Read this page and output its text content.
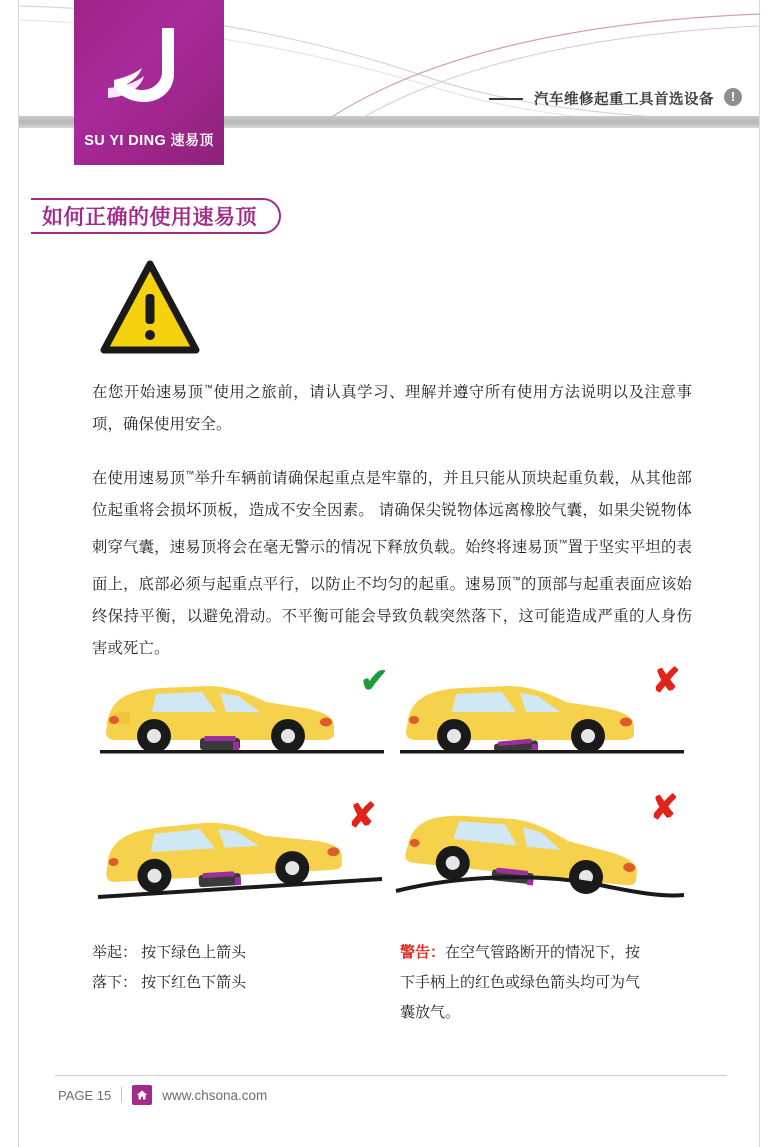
SU YI DING 速易顶
汽车维修起重工具首选设备	!
如何正确的使用速易顶
在您开始速易顶™使用之旅前，请认真学习、理解并遵守所有使用方法说明以及注意事项，确保使用安全。
在使用速易顶™举升车辆前请确保起重点是牢靠的，并且只能从顶块起重负载，从其他部位起重将会损坏顶板，造成不安全因素。 请确保尖锐物体远离橡胶气囊，如果尖锐物体刺穿气囊，速易顶将会在毫无警示的情况下释放负载。始终将速易顶™置于坚实平坦的表面上，底部必须与起重点平行，以防止不均匀的起重。速易顶™的顶部与起重表面应该始终保持平衡，以避免滑动。不平衡可能会导致负载突然落下，这可能造成严重的人身伤害或死亡。
✔	✘
✘	✘
举起： 按下绿色上箭头
落下： 按下红色下箭头
警告：在空气管路断开的情况下，按下手柄上的红色或绿色箭头均可为气囊放气。
PAGE 15	www.chsona.com
